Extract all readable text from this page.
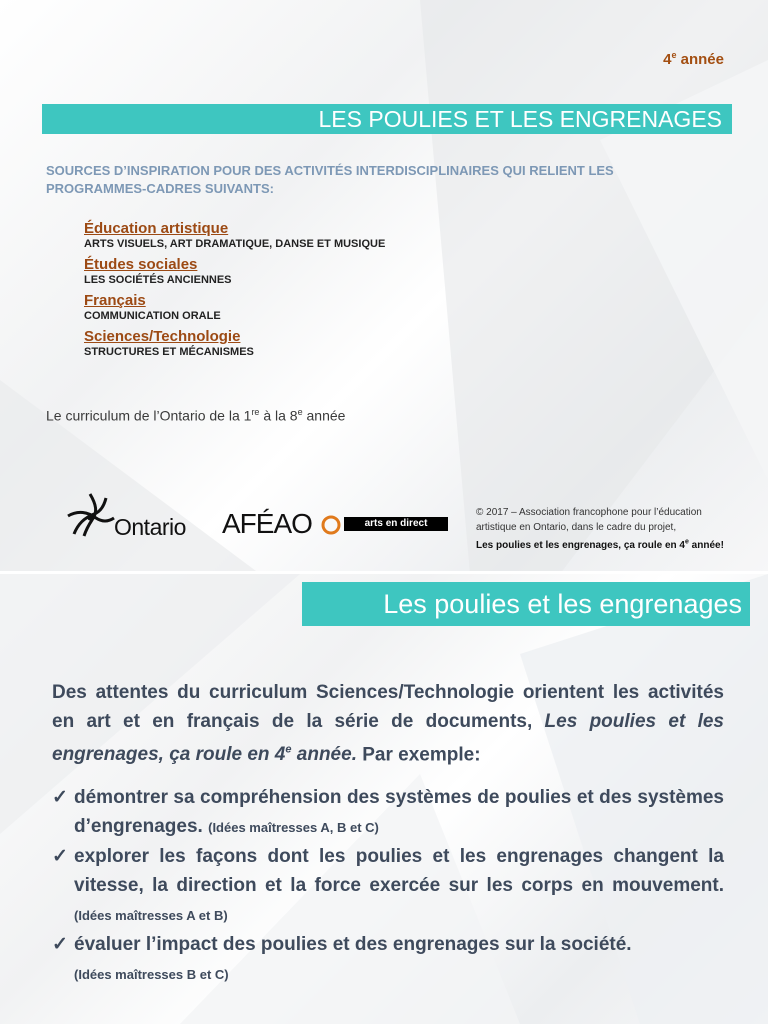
4e année
LES POULIES ET LES ENGRENAGES
SOURCES D’INSPIRATION POUR DES ACTIVITÉS INTERDISCIPLINAIRES QUI RELIENT LES PROGRAMMES-CADRES SUIVANTS:
Éducation artistique
ARTS VISUELS, ART DRAMATIQUE, DANSE ET MUSIQUE
Études sociales
LES SOCIÉTÉS ANCIENNES
Français
COMMUNICATION ORALE
Sciences/Technologie
STRUCTURES ET MÉCANISMES
Le curriculum de l’Ontario de la 1re à la 8e année
Ontario AFÉAO	arts en direct
© 2017 – Association francophone pour l’éducation
artistique en Ontario, dans le cadre du projet,
Les poulies et les engrenages, ça roule en 4e année!
Les poulies et les engrenages
Des attentes du curriculum Sciences/Technologie orientent les activités en art et en français de la série de documents, Les poulies et les engrenages, ça roule en 4e année. Par exemple:
✓ démontrer sa compréhension des systèmes de poulies et des systèmes d’engrenages. (Idées maîtresses A, B et C)
✓ explorer les façons dont les poulies et les engrenages changent la vitesse, la direction et la force exercée sur les corps en mouvement. (Idées maîtresses A et B)
✓ évaluer l’impact des poulies et des engrenages sur la société.
(Idées maîtresses B et C)
